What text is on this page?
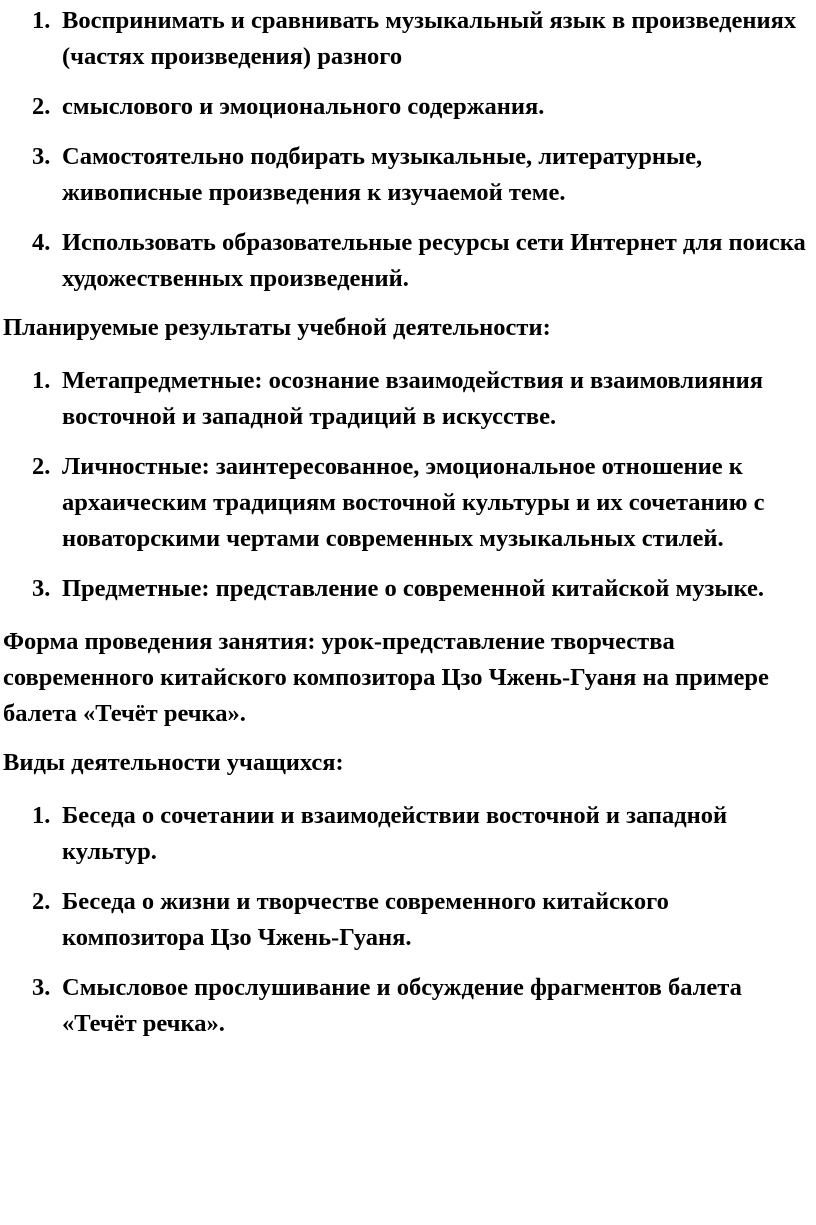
1. Воспринимать и сравнивать музыкальный язык в произведениях (частях произведения) разного
2. смыслового и эмоционального содержания.
3. Самостоятельно подбирать музыкальные, литературные, живописные произведения к изучаемой теме.
4. Использовать образовательные ресурсы сети Интернет для поиска художественных произведений.

Планируемые результаты учебной деятельности:

1. Метапредметные: осознание взаимодействия и взаимовлияния восточной и западной традиций в искусстве.
2. Личностные: заинтересованное, эмоциональное отношение к архаическим традициям восточной культуры и их сочетанию с новаторскими чертами современных музыкальных стилей.
3. Предметные: представление о современной китайской музыке.

Форма проведения занятия: урок-представление творчества современного китайского композитора Цзо Чжень-Гуаня на примере балета «Течёт речка».

Виды деятельности учащихся:

1. Беседа о сочетании и взаимодействии восточной и западной культур.
2. Беседа о жизни и творчестве современного китайского композитора Цзо Чжень-Гуаня.
3. Смысловое прослушивание и обсуждение фрагментов балета «Течёт речка».
